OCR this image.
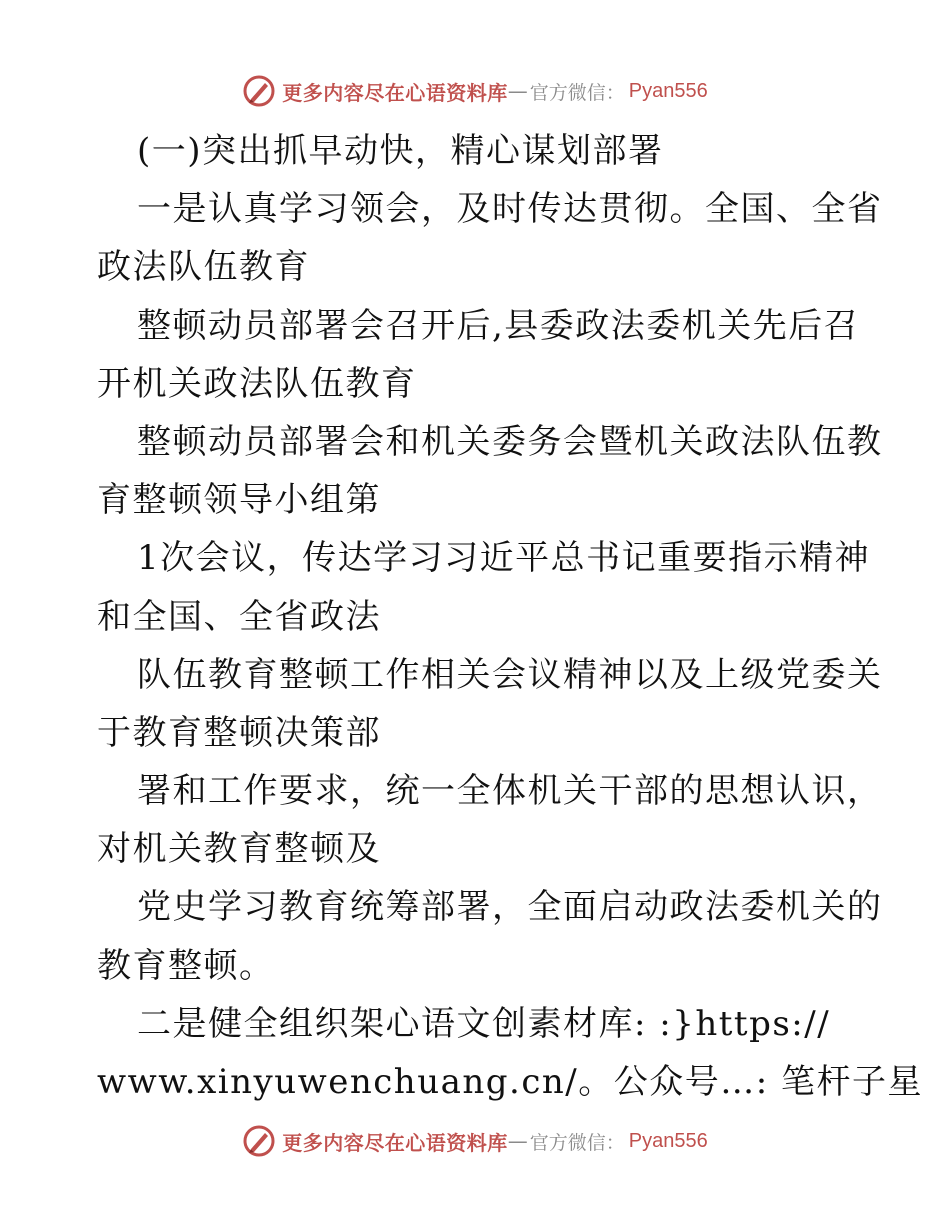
更多内容尽在心语资料库 — 官方微信： Pyan556
(一)突出抓早动快，精心谋划部署
一是认真学习领会，及时传达贯彻。全国、全省
政法队伍教育
整顿动员部署会召开后,县委政法委机关先后召
开机关政法队伍教育
整顿动员部署会和机关委务会暨机关政法队伍教
育整顿领导小组第
1次会议，传达学习习近平总书记重要指示精神
和全国、全省政法
队伍教育整顿工作相关会议精神以及上级党委关
于教育整顿决策部
署和工作要求，统一全体机关干部的思想认识，
对机关教育整顿及
党史学习教育统筹部署，全面启动政法委机关的
教育整顿。
二是健全组织架心语文创素材库: :}https://
www.xinyuwenchuang.cn/。公众号…: 笔杆子星
更多内容尽在心语资料库 — 官方微信： Pyan556
